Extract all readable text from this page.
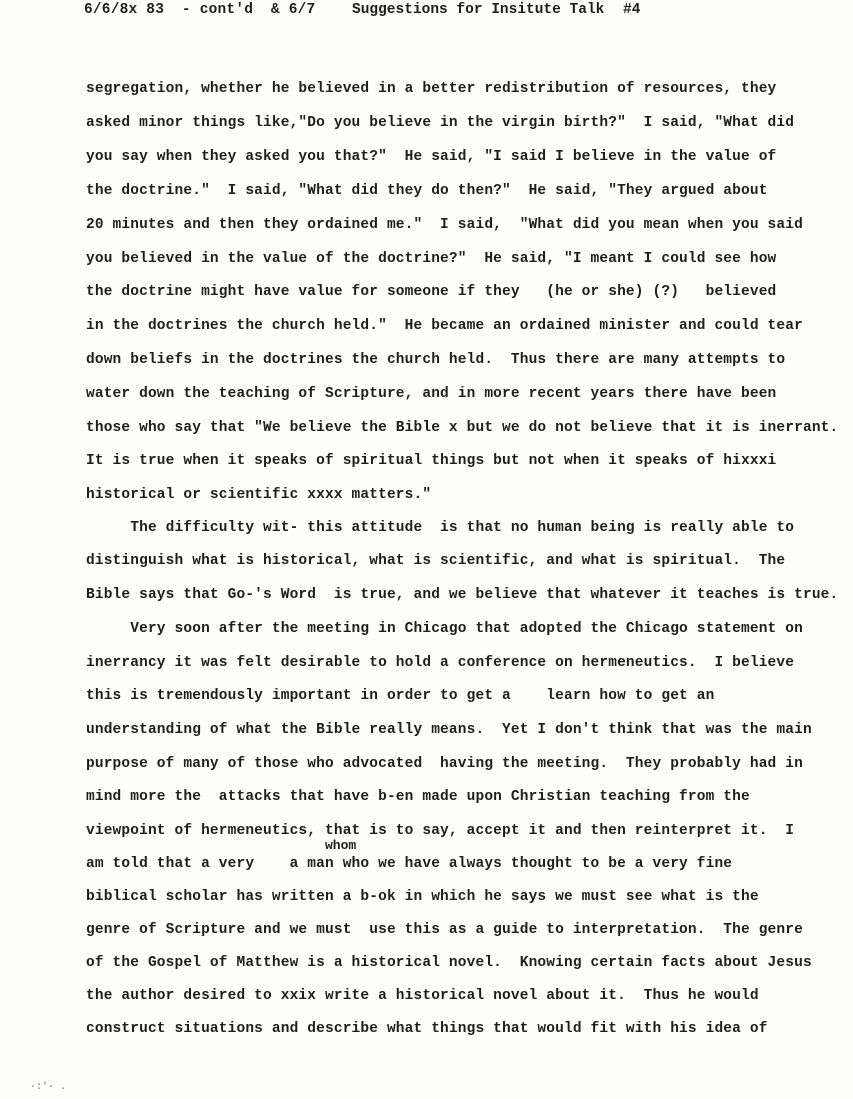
6/6/8x 83  - cont'd  & 6/7	Suggestions for Insitute Talk #4
segregation, whether he believed in a better redistribution of resources, they
asked minor things like,"Do you believe in the virgin birth?"  I said, "What did
you say when they asked you that?"  He said, "I said I believe in the value of
the doctrine."  I said, "What did they do then?"  He said, "They argued about
20 minutes and then they ordained me."  I said,  "What did you mean when you said
you believed in the value of the doctrine?"  He said, "I meant I could see how
the doctrine might have value for someone if they   (he or she) (?)   believed
in the doctrines the church held."  He became an ordained minister and could tear
down beliefs in the doctrines the church held.  Thus there are many attempts to
water down the teaching of Scripture, and in more recent years there have been
those who say that "We believe the Bible x but we do not believe that it is inerrant.
It is true when it speaks of spiritual things but not when it speaks of hixxxi
historical or scientific xxxx matters."
The difficulty wit- this attitude  is that no human being is really able to
distinguish what is historical, what is scientific, and what is spiritual.  The
Bible says that Go-'s Word  is true, and we believe that whatever it teaches is true.
Very soon after the meeting in Chicago that adopted the Chicago statement on
inerrancy it was felt desirable to hold a conference on hermeneutics.  I believe
this is tremendously important in order to get a    learn how to get an
understanding of what the Bible really means.  Yet I don't think that was the main
purpose of many of those who advocated  having the meeting.  They probably had in
mind more the  attacks that have b-en made upon Christian teaching from the
viewpoint of hermeneutics, that is to say, accept it and then reinterpret it.  I
whom
am told that a very    a man who we have always thought to be a very fine
biblical scholar has written a b-ok in which he says we must see what is the
genre of Scripture and we must  use this as a guide to interpretation.  The genre
of the Gospel of Matthew is a historical novel.  Knowing certain facts about Jesus
the author desired to xxix write a historical novel about it.  Thus he would
construct situations and describe what things that would fit with his idea of
·:'· .
